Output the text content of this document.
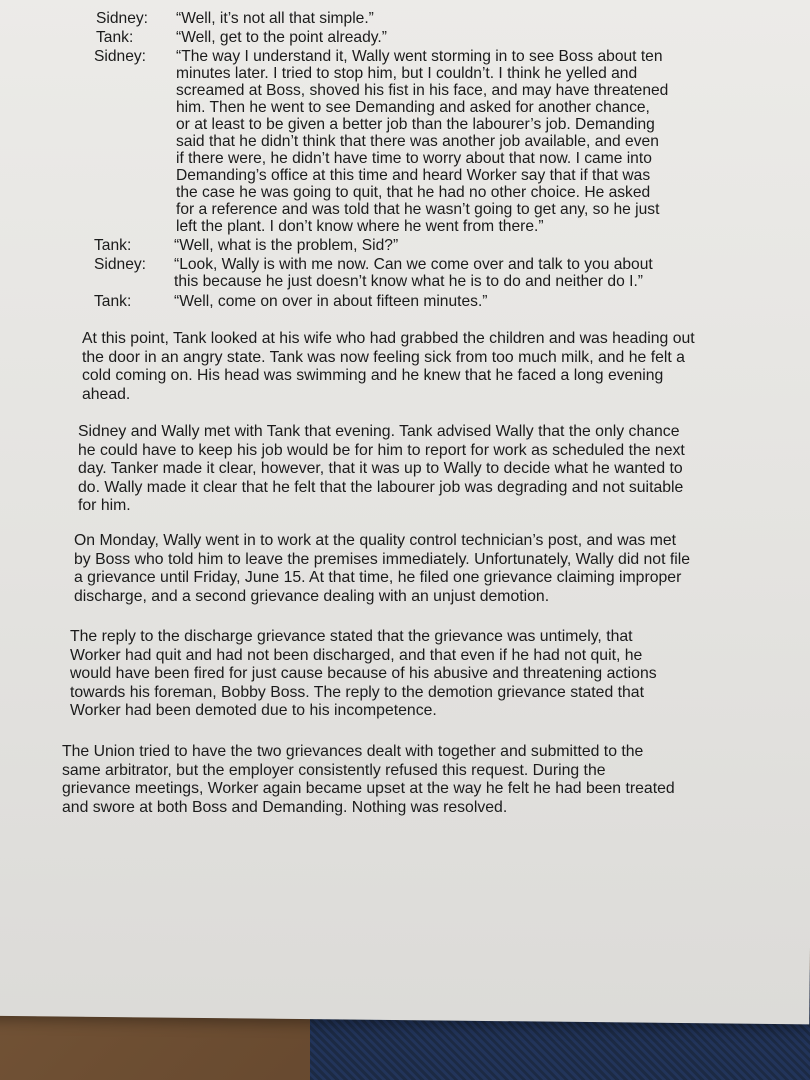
Sidney: “Well, it’s not all that simple.”
Tank:	“Well, get to the point already.”
Sidney: “The way I understand it, Wally went storming in to see Boss about ten
minutes later. I tried to stop him, but I couldn’t. I think he yelled and
screamed at Boss, shoved his fist in his face, and may have threatened
him. Then he went to see Demanding and asked for another chance,
or at least to be given a better job than the labourer’s job. Demanding
said that he didn’t think that there was another job available, and even
if there were, he didn’t have time to worry about that now. I came into
Demanding’s office at this time and heard Worker say that if that was
the case he was going to quit, that he had no other choice. He asked
for a reference and was told that he wasn’t going to get any, so he just
left the plant. I don’t know where he went from there.”
Tank:	“Well, what is the problem, Sid?”
Sidney: “Look, Wally is with me now. Can we come over and talk to you about
this because he just doesn’t know what he is to do and neither do I.”
Tank:	“Well, come on over in about fifteen minutes.”
At this point, Tank looked at his wife who had grabbed the children and was heading out
the door in an angry state. Tank was now feeling sick from too much milk, and he felt a
cold coming on. His head was swimming and he knew that he faced a long evening
ahead.
Sidney and Wally met with Tank that evening. Tank advised Wally that the only chance
he could have to keep his job would be for him to report for work as scheduled the next
day. Tanker made it clear, however, that it was up to Wally to decide what he wanted to
do. Wally made it clear that he felt that the labourer job was degrading and not suitable
for him.
On Monday, Wally went in to work at the quality control technician’s post, and was met
by Boss who told him to leave the premises immediately. Unfortunately, Wally did not file
a grievance until Friday, June 15. At that time, he filed one grievance claiming improper
discharge, and a second grievance dealing with an unjust demotion.
The reply to the discharge grievance stated that the grievance was untimely, that
Worker had quit and had not been discharged, and that even if he had not quit, he
would have been fired for just cause because of his abusive and threatening actions
towards his foreman, Bobby Boss. The reply to the demotion grievance stated that
Worker had been demoted due to his incompetence.
The Union tried to have the two grievances dealt with together and submitted to the
same arbitrator, but the employer consistently refused this request. During the
grievance meetings, Worker again became upset at the way he felt he had been treated
and swore at both Boss and Demanding. Nothing was resolved.
